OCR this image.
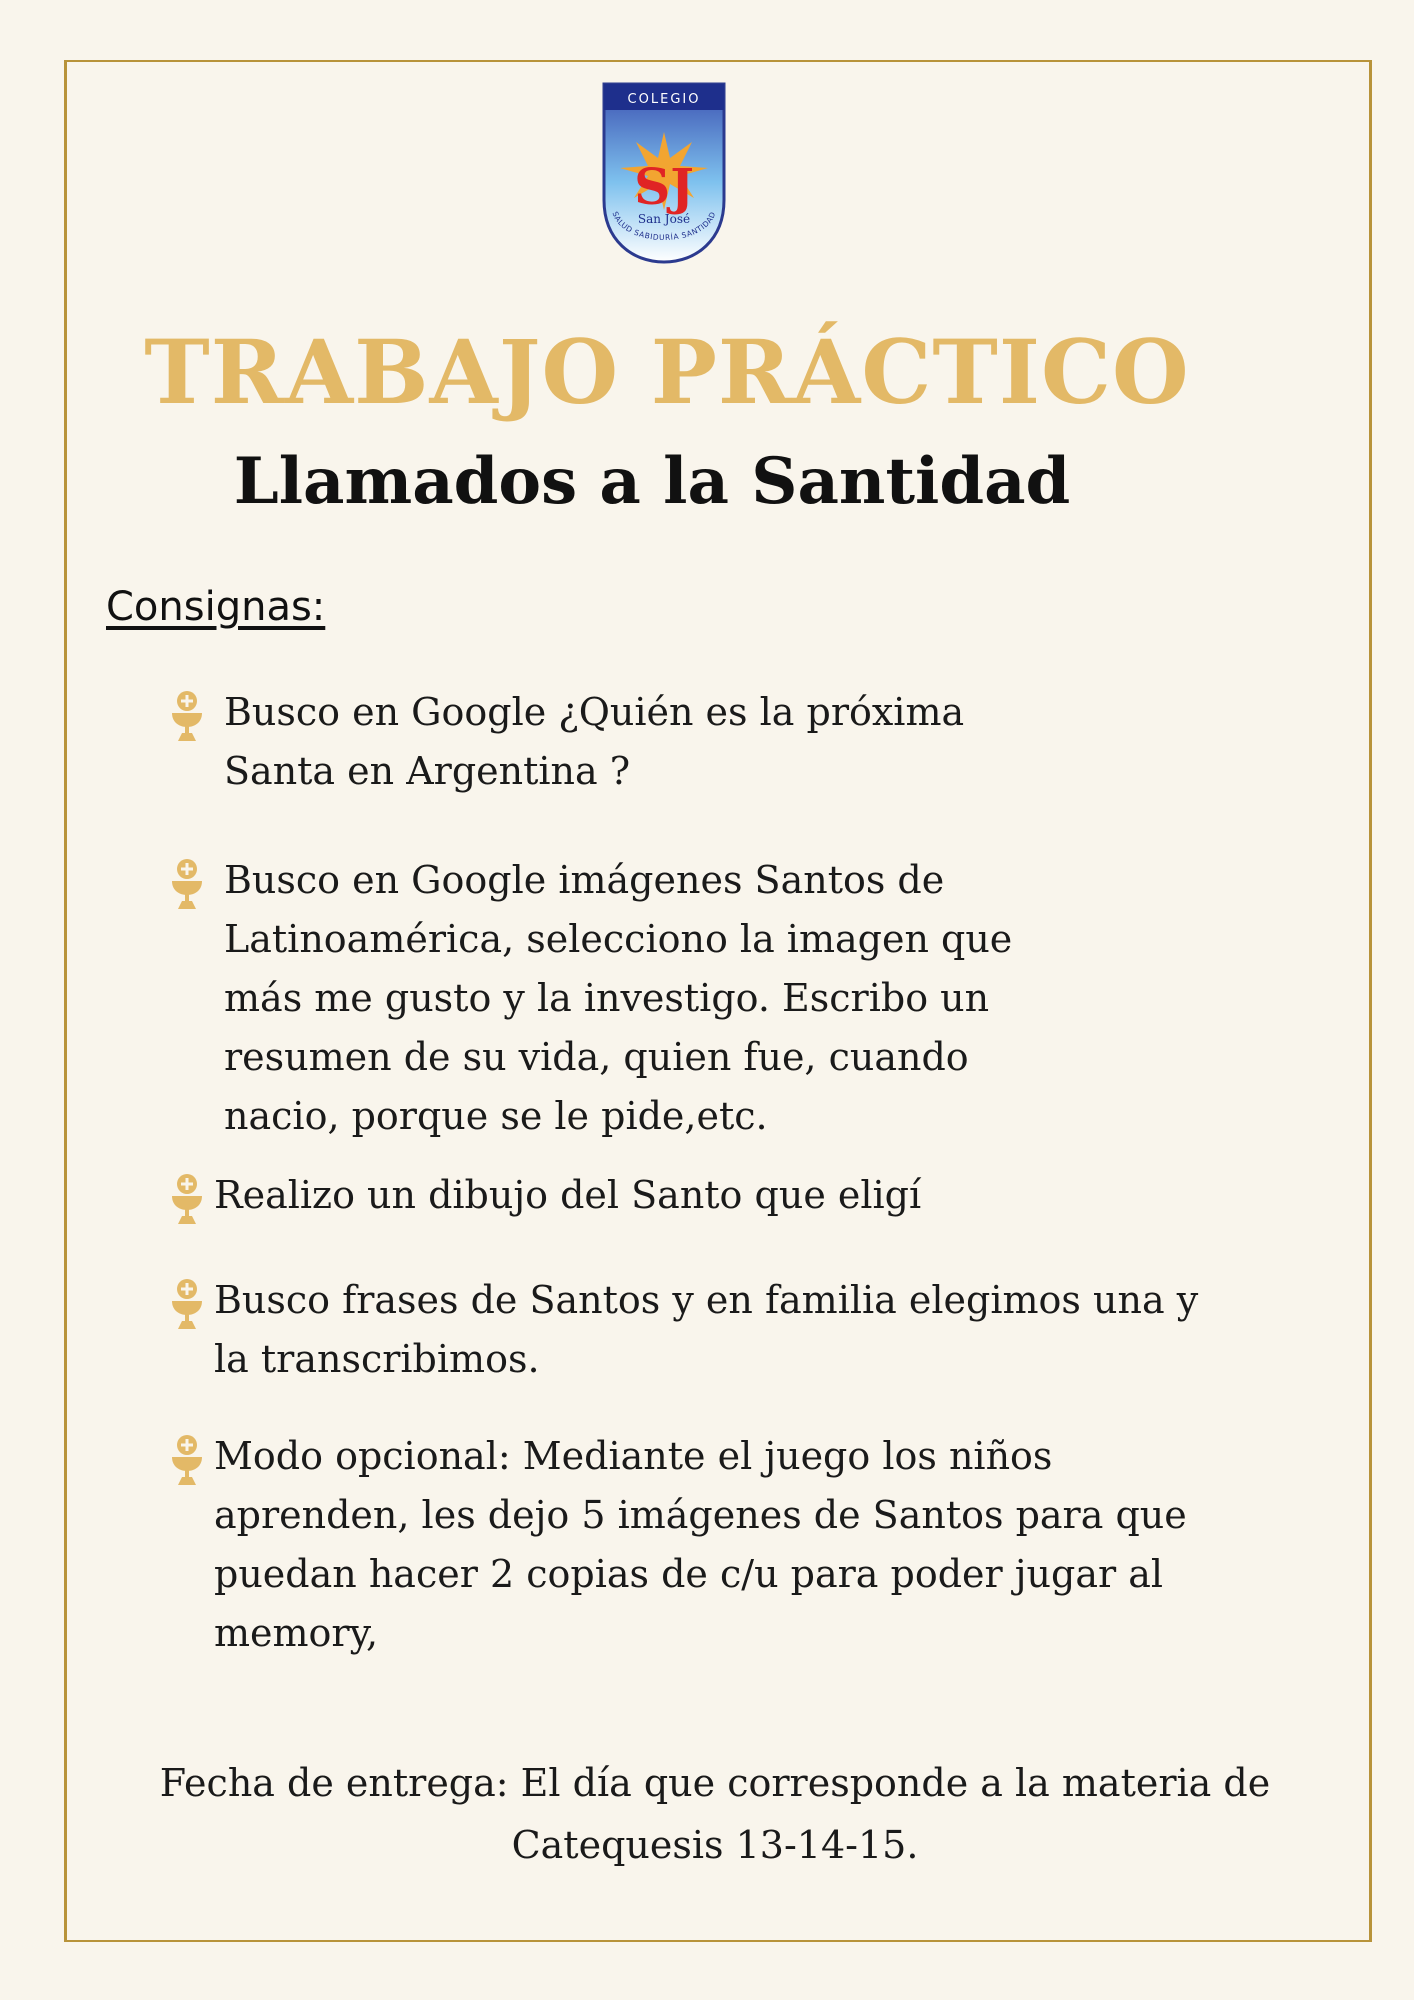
COLEGIO
SJ
San José
SALUD SABIDURÍA SANTIDAD
TRABAJO PRÁCTICO
Llamados a la Santidad
Consignas:
Busco en Google ¿Quién es la próxima
Santa en Argentina ?
Busco en Google imágenes Santos de
Latinoamérica, selecciono la imagen que
más me gusto y la investigo. Escribo un
resumen de su vida, quien fue, cuando
nacio, porque se le pide,etc.
Realizo un dibujo del Santo que eligí
Busco frases de Santos y en familia elegimos una y
la transcribimos.
Modo opcional: Mediante el juego los niños
aprenden, les dejo 5 imágenes de Santos para que
puedan hacer 2 copias de c/u para poder jugar al
memory,
Fecha de entrega: El día que corresponde a la materia de
Catequesis 13-14-15.
